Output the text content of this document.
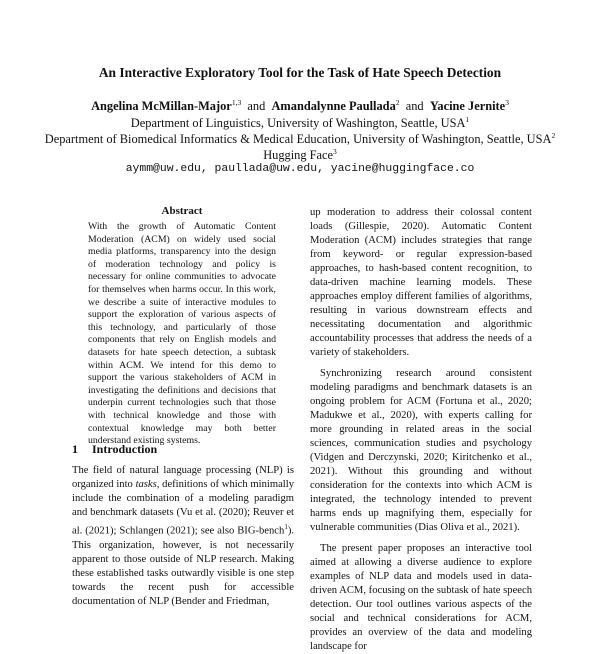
An Interactive Exploratory Tool for the Task of Hate Speech Detection
Angelina McMillan-Major$^{1,3}$ and Amandalynne Paullada$^2$ and Yacine Jernite$^3$
Department of Linguistics, University of Washington, Seattle, USA$^1$
Department of Biomedical Informatics & Medical Education, University of Washington, Seattle, USA$^2$
Hugging Face$^3$
aymm@uw.edu, paullada@uw.edu, yacine@huggingface.co
Abstract
With the growth of Automatic Content Moderation (ACM) on widely used social media platforms, transparency into the design of moderation technology and policy is necessary for online communities to advocate for themselves when harms occur. In this work, we describe a suite of interactive modules to support the exploration of various aspects of this technology, and particularly of those components that rely on English models and datasets for hate speech detection, a subtask within ACM. We intend for this demo to support the various stakeholders of ACM in investigating the definitions and decisions that underpin current technologies such that those with technical knowledge and those with contextual knowledge may both better understand existing systems.
1 Introduction

The field of natural language processing (NLP) is organized into tasks, definitions of which minimally include the combination of a modeling paradigm and benchmark datasets (Vu et al. (2020); Reuver et al. (2021); Schlangen (2021); see also BIG-bench$^1$). This organization, however, is not necessarily apparent to those outside of NLP research. Making these established tasks outwardly visible is one step towards the recent push for accessible documentation of NLP (Bender and Friedman,

up moderation to address their colossal content loads (Gillespie, 2020). Automatic Content Moderation (ACM) includes strategies that range from keyword- or regular expression-based approaches, to hash-based content recognition, to data-driven machine learning models. These approaches employ different families of algorithms, resulting in various downstream effects and necessitating documentation and algorithmic accountability processes that address the needs of a variety of stakeholders.

Synchronizing research around consistent modeling paradigms and benchmark datasets is an ongoing problem for ACM (Fortuna et al., 2020; Madukwe et al., 2020), with experts calling for more grounding in related areas in the social sciences, communication studies and psychology (Vidgen and Derczynski, 2020; Kiritchenko et al., 2021). Without this grounding and without consideration for the contexts into which ACM is integrated, the technology intended to prevent harms ends up magnifying them, especially for vulnerable communities (Dias Oliva et al., 2021).

The present paper proposes an interactive tool aimed at allowing a diverse audience to explore examples of NLP data and models used in data-driven ACM, focusing on the subtask of hate speech detection. Our tool outlines various aspects of the social and technical considerations for ACM, provides an overview of the data and modeling landscape for
